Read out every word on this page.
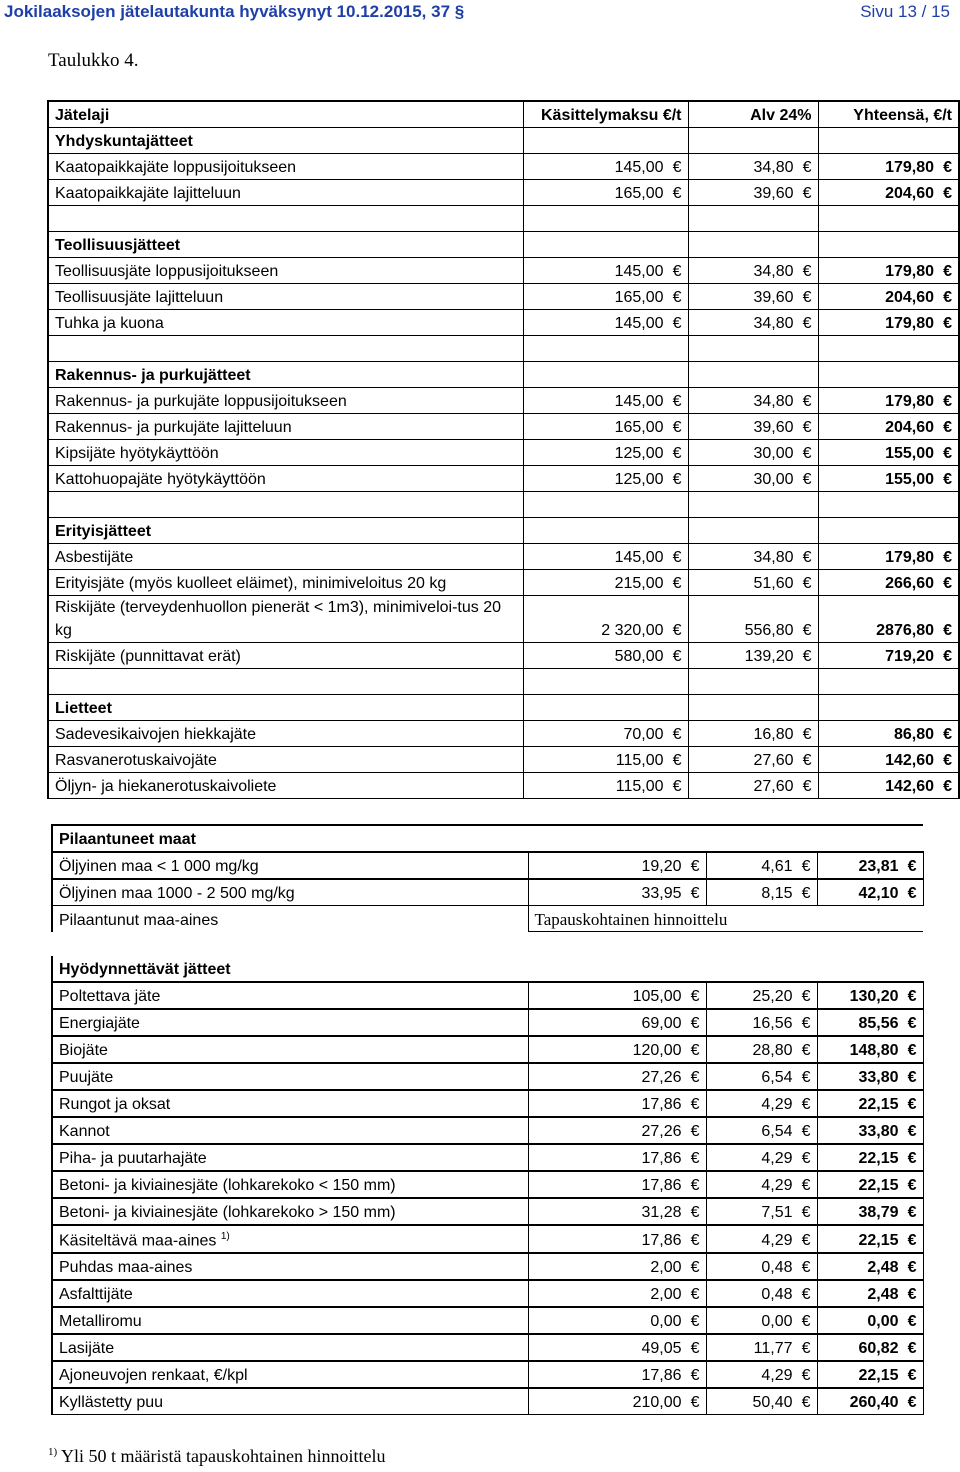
Jokilaaksojen jätelautakunta hyväksynyt 10.12.2015, 37 §	Sivu 13 / 15
Taulukko 4.
Jätelaji	Käsittelymaksu €/t	Alv 24%	Yhteensä, €/t
Yhdyskuntajätteet			
Kaatopaikkajäte loppusijoitukseen	145,00 €	34,80 €	179,80 €
Kaatopaikkajäte lajitteluun	165,00 €	39,60 €	204,60 €

Teollisuusjätteet			
Teollisuusjäte loppusijoitukseen	145,00 €	34,80 €	179,80 €
Teollisuusjäte lajitteluun	165,00 €	39,60 €	204,60 €
Tuhka ja kuona	145,00 €	34,80 €	179,80 €

Rakennus- ja purkujätteet			
Rakennus- ja purkujäte loppusijoitukseen	145,00 €	34,80 €	179,80 €
Rakennus- ja purkujäte lajitteluun	165,00 €	39,60 €	204,60 €
Kipsijäte hyötykäyttöön	125,00 €	30,00 €	155,00 €
Kattohuopajäte hyötykäyttöön	125,00 €	30,00 €	155,00 €

Erityisjätteet			
Asbestijäte	145,00 €	34,80 €	179,80 €
Erityisjäte (myös kuolleet eläimet), minimiveloitus 20 kg	215,00 €	51,60 €	266,60 €
Riskijäte (terveydenhuollon pienerät < 1m3), minimiveloi-tus 20 kg	2 320,00 €	556,80 €	2876,80 €
Riskijäte (punnittavat erät)	580,00 €	139,20 €	719,20 €

Lietteet			
Sadevesikaivojen hiekkajäte	70,00 €	16,80 €	86,80 €
Rasvanerotuskaivojäte	115,00 €	27,60 €	142,60 €
Öljyn- ja hiekanerotuskaivoliete	115,00 €	27,60 €	142,60 €
Pilaantuneet maat			
Öljyinen maa < 1 000 mg/kg	19,20 €	4,61 €	23,81 €
Öljyinen maa 1000 - 2 500 mg/kg	33,95 €	8,15 €	42,10 €
Pilaantunut maa-aines	Tapauskohtainen hinnoittelu		
Hyödynnettävät jätteet			
Poltettava jäte	105,00 €	25,20 €	130,20 €
Energiajäte	69,00 €	16,56 €	85,56 €
Biojäte	120,00 €	28,80 €	148,80 €
Puujäte	27,26 €	6,54 €	33,80 €
Rungot ja oksat	17,86 €	4,29 €	22,15 €
Kannot	27,26 €	6,54 €	33,80 €
Piha- ja puutarhajäte	17,86 €	4,29 €	22,15 €
Betoni- ja kiviainesjäte (lohkarekoko < 150 mm)	17,86 €	4,29 €	22,15 €
Betoni- ja kiviainesjäte (lohkarekoko > 150 mm)	31,28 €	7,51 €	38,79 €
Käsiteltävä maa-aines $^{1)}$	17,86 €	4,29 €	22,15 €
Puhdas maa-aines	2,00 €	0,48 €	2,48 €
Asfalttijäte	2,00 €	0,48 €	2,48 €
Metalliromu	0,00 €	0,00 €	0,00 €
Lasijäte	49,05 €	11,77 €	60,82 €
Ajoneuvojen renkaat, €/kpl	17,86 €	4,29 €	22,15 €
Kyllästetty puu	210,00 €	50,40 €	260,40 €
$^{1)}$ Yli 50 t määristä tapauskohtainen hinnoittelu
